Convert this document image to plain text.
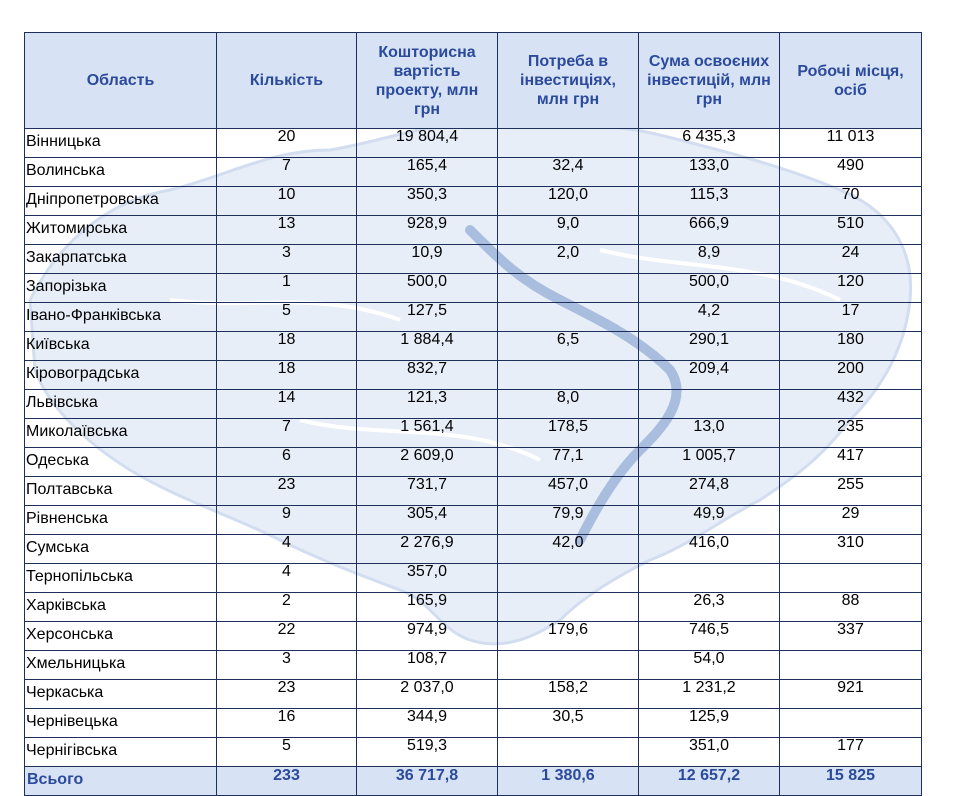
Область	Кількість	Кошторисна вартість проекту, млн грн	Потреба в інвестиціях, млн грн	Сума освоєних інвестицій, млн грн	Робочі місця, осіб
Вінницька	20	19 804,4		6 435,3	11 013
Волинська	7	165,4	32,4	133,0	490
Дніпропетровська	10	350,3	120,0	115,3	70
Житомирська	13	928,9	9,0	666,9	510
Закарпатська	3	10,9	2,0	8,9	24
Запорізька	1	500,0		500,0	120
Івано-Франківська	5	127,5		4,2	17
Київська	18	1 884,4	6,5	290,1	180
Кіровоградська	18	832,7		209,4	200
Львівська	14	121,3	8,0		432
Миколаївська	7	1 561,4	178,5	13,0	235
Одеська	6	2 609,0	77,1	1 005,7	417
Полтавська	23	731,7	457,0	274,8	255
Рівненська	9	305,4	79,9	49,9	29
Сумська	4	2 276,9	42,0	416,0	310
Тернопільська	4	357,0			
Харківська	2	165,9		26,3	88
Херсонська	22	974,9	179,6	746,5	337
Хмельницька	3	108,7		54,0	
Черкаська	23	2 037,0	158,2	1 231,2	921
Чернівецька	16	344,9	30,5	125,9	
Чернігівська	5	519,3		351,0	177
Всього	233	36 717,8	1 380,6	12 657,2	15 825
